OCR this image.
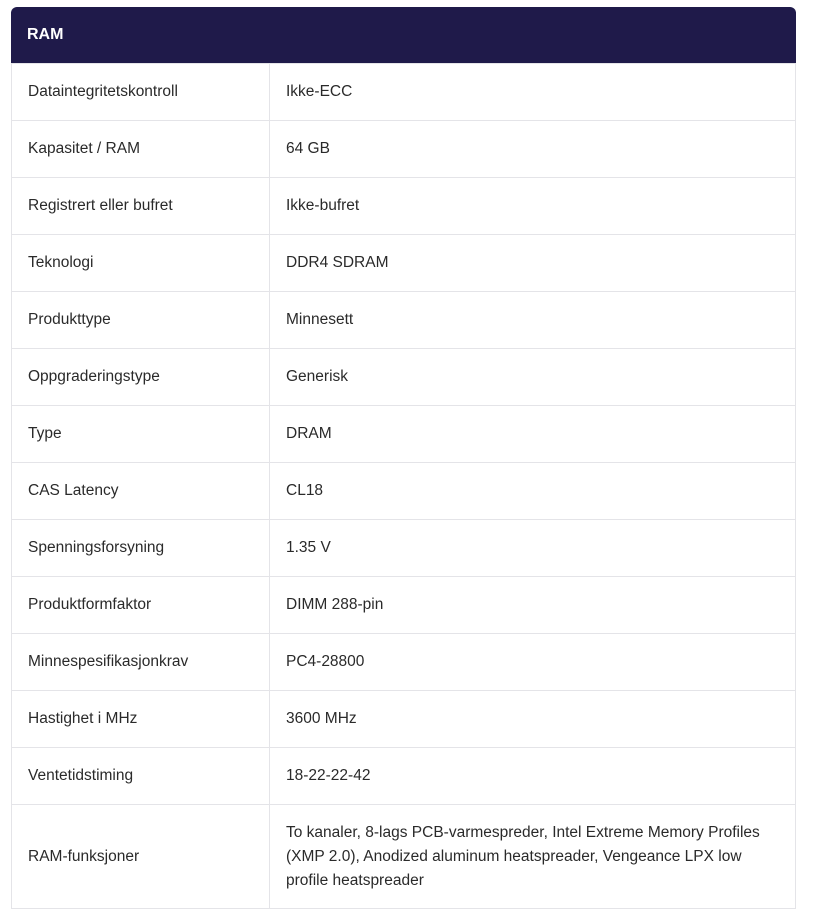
RAM
Dataintegritetskontroll	Ikke-ECC
Kapasitet / RAM	64 GB
Registrert eller bufret	Ikke-bufret
Teknologi	DDR4 SDRAM
Produkttype	Minnesett
Oppgraderingstype	Generisk
Type	DRAM
CAS Latency	CL18
Spenningsforsyning	1.35 V
Produktformfaktor	DIMM 288-pin
Minnespesifikasjonkrav	PC4-28800
Hastighet i MHz	3600 MHz
Ventetidstiming	18-22-22-42
RAM-funksjoner	To kanaler, 8-lags PCB-varmespreder, Intel Extreme Memory Profiles (XMP 2.0), Anodized aluminum heatspreader, Vengeance LPX low profile heatspreader
